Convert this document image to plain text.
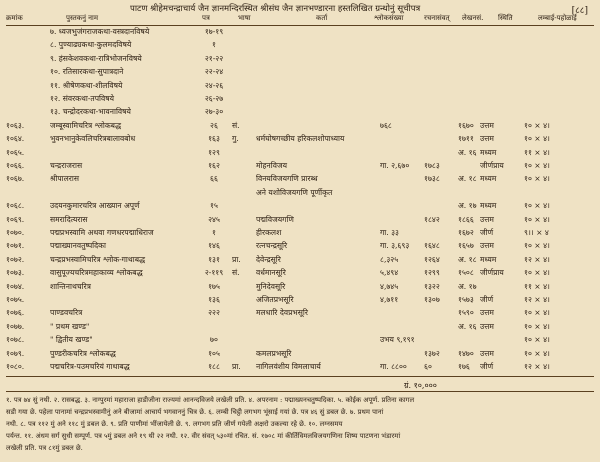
पाटण श्रीहेमचन्द्राचार्य जैन ज्ञानमन्दिरस्थित श्रीसंघ जैन ज्ञानभण्डारना हस्तलिखित ग्रन्थोनुं सूचीपत्र	[८८]
क्रमांक	पुस्तकनुं नाम	पत्र	भाषा	कर्ता	श्लोकसंख्या	रचनासंवत् लेखनसं. स्थिति	लम्बाई-पहोळाई
७. ध्वजभुजंगराजकथा-वस्त्रदानविषये	१७-१९
८. पुण्याढ्यकथा-कुलमदविषये	१
९. हंसकेशवकथा-रात्रिभोजनविषये	२१-२२
१०. रतिसारकथा-सुपात्रदाने	२२-२४
११. श्रीषेणकथा-शीलविषये	२४-२६
१२. संवरकथा-तपविषये	२६-२७
१३. चन्द्रोदरकथा-भावनाविषये	२७-३०
१०६३.	जम्बूस्वामिचरित्र श्लोकबद्ध	२६	सं.	७६८	१६७० उत्तम	१० × ४।
१०६४.	भुवनभानुकेवलिचरित्रबालावबोध	१६३	गु.	धर्मघोषगच्छीय हरिकलशोपाध्याय	१७११ उत्तम	१० × ४।
१०६५.	१२९	अ. १६ मध्यम	११ × ४।
१०६६.	चन्द्रराजरास	१६२	मोहनविजय	गा. २,६७०	१७८३	जीर्णप्राय	१० × ४।
१०६७.	श्रीपालरास	६६	विनयविजयगणि प्रारब्ध	१७३८	अ. १८ मध्यम	१० × ४।
अने यशोविजयगणि पूर्णीकृत
१०६८.	उदयनकुमारचरित्र आख्यान अपूर्ण	१५	अ. १७ मध्यम	१० × ४।
१०६९.	समरादित्यरास	२४५	पद्मविजयगणि	१८४२	१८६६ उत्तम	१० × ४।
१०७०.	पद्मप्रभस्वामि अथवा गणधरपद्माधिराज	१	हीरकलश	गा. ३३	१६७२ जीर्ण	९।। × ४
१०७१.	पद्माख्यानवतुष्पदिका	१४६	रत्नचन्द्रसूरि	गा. ३,६९३	१६४८	१६५७ उत्तम	१० × ४।
१०७२.	चन्द्रप्रभस्वामिचरित्र श्लोक-गाथाबद्ध	१३१	प्रा.	देवेन्द्रसूरि	८,३२५	१२६४	अ. १८ मध्यम	१२ × ४।
१०७३.	वासुपूज्यचरित्रमहाकाव्य श्लोकबद्ध	२-११९	सं.	वर्धमानसूरि	५,४९४	१२९९	१५०८ जीर्णप्राय	१० × ४।
१०७४.	शान्तिनाथचरित्र	१७५	मुनिदेवसूरि	४,७४५	१३२२	अ. १७	११ × ४।
१०७५.	१३६	अजितप्रभसूरि	४,७११	१३०७	१५७३ जीर्ण	१२ × ४।
१०७६.	पाण्डवचरित्र	२२२	मलधारि देवप्रभसूरि	१५९० उत्तम	१० × ४।
१०७७.	" प्रथम खण्ड"	अ. १६ उत्तम	१० × ४।
१०७८.	" द्वितीय खण्ड"	७०	उभय ९,१९१	१० × ४।
१०७९.	पुण्डरीकचरित्र श्लोकबद्ध	१०५	कमलप्रभसूरि	१३७२	१४७० उत्तम	१० × ४।
१०८०.	पद्मचरित्र-पउमचरियं गाथाबद्ध	१८८	प्रा.	नागिलवंशीय विमलाचार्य	गा. ८८००	६०	१७६	जीर्ण	१२ × ४।
ग्रं. १०,०००
१. पत्र ७४ सुं नथी. २. रासबद्ध. ३. नाग्पुरमां महाराजा हाडीजीना राज्यमां आनन्दविजये लखेली प्रति. ४. अपरनाम : पद्माख्यनचतुष्पदिका. ५. कोईक अपूर्ण. प्रतिना कागल
सडी गया छे. पहेला पानामां चन्द्रप्रभस्वामीनुं अने बीजामां आचार्य भगवाननुं चित्र छे. ६. लम्बी चिट्ठी लगभग भूंसाई गयां छे. पत्र ४६ सुं डबल छे. ७. प्रथम पानां
नथी. ८. पत्र ११२ मुं अने ११८ मुं डबल छे. ९. प्रति पाणीमां भींजायेली छे. ९. लगभग प्रति जीर्ण गयेली अक्षरो उकल्या रहे छे. १०. लग्नसमय
पर्यन्त. ११. अंधम सर्ग सुधी सम्पूर्ण. पत्र ५मुं डबल अने १९ थी २२ नथी. १२. वीर संवत् ५३०मां रचित. सं. १७०८ मां कीर्तिविमलविजयगणिना शिष्य पाटणना भंडारमां
लखेली प्रति. पत्र ८१मुं डबल छे.
